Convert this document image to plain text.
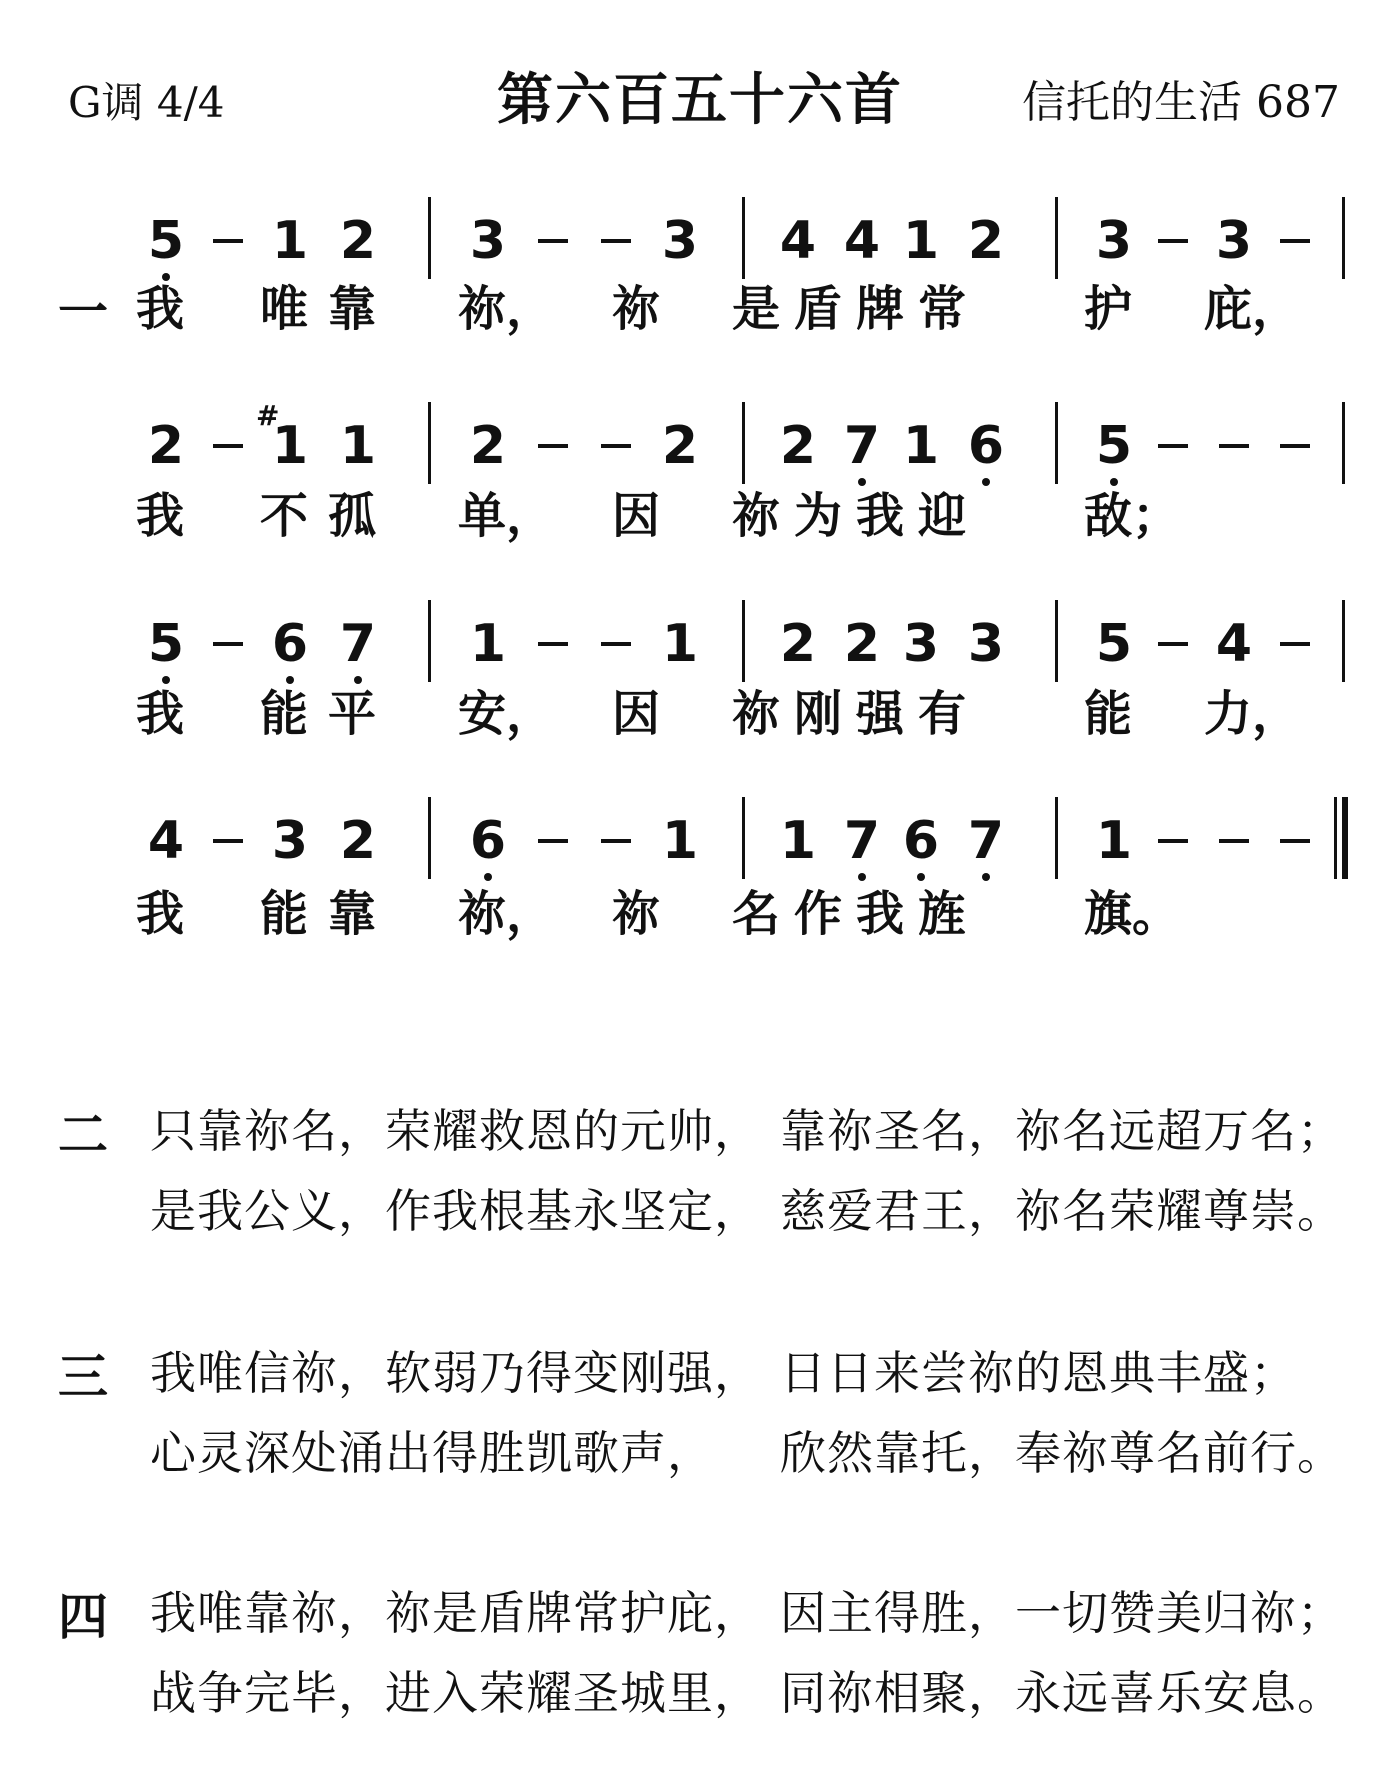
G调 4/4	第六百五十六首	信托的生活 687
5 1 2 3	3 4 4 1 2 3 3
2 1
#
1 2	2 2 7 1 6 5
5 6 7 1	1 2 2 3 3 5 4
4 3 2 6	1 1 7 6 7 1
一 我 唯 靠 祢， 祢 是 盾 牌 常 护 庇，
我 不 孤 单， 因 祢 为 我 迎 敌；
我 能 平 安， 因 祢 刚 强 有 能 力，
我 能 靠 祢， 祢 名 作 我 旌 旗。
二 只靠祢名，荣耀救恩的元帅， 靠祢圣名，祢名远超万名；
是我公义，作我根基永坚定， 慈爱君王，祢名荣耀尊崇。
三 我唯信祢，软弱乃得变刚强， 日日来尝祢的恩典丰盛；
心灵深处涌出得胜凯歌声， 欣然靠托，奉祢尊名前行。
四 我唯靠祢，祢是盾牌常护庇， 因主得胜，一切赞美归祢；
战争完毕，进入荣耀圣城里， 同祢相聚，永远喜乐安息。
